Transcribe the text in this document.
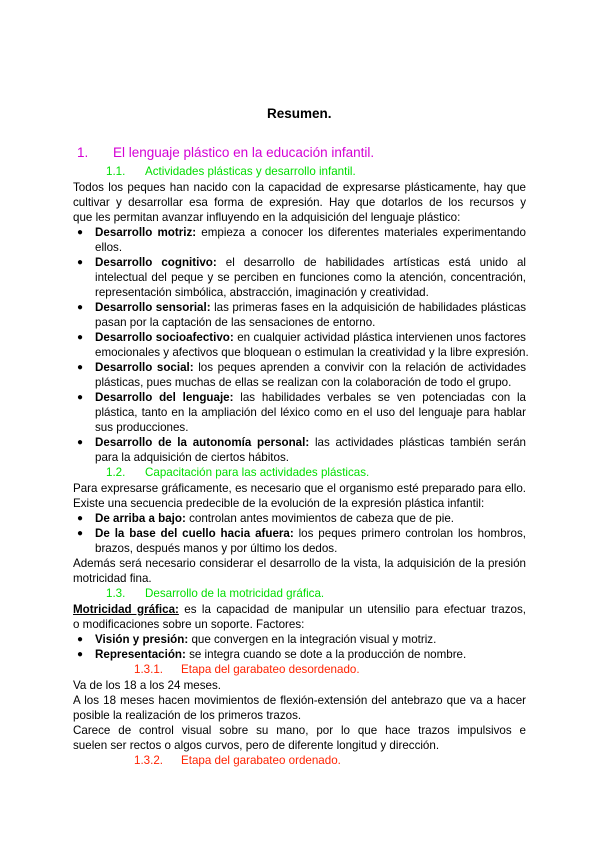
Resumen.
1. El lenguaje plástico en la educación infantil.
1.1. Actividades plásticas y desarrollo infantil.
Todos los peques han nacido con la capacidad de expresarse plásticamente, hay que
cultivar y desarrollar esa forma de expresión. Hay que dotarlos de los recursos y
que les permitan avanzar influyendo en la adquisición del lenguaje plástico:
● Desarrollo motriz: empieza a conocer los diferentes materiales experimentando
ellos.
● Desarrollo cognitivo: el desarrollo de habilidades artísticas está unido al
intelectual del peque y se perciben en funciones como la atención, concentración,
representación simbólica, abstracción, imaginación y creatividad.
● Desarrollo sensorial: las primeras fases en la adquisición de habilidades plásticas
pasan por la captación de las sensaciones de entorno.
● Desarrollo socioafectivo: en cualquier actividad plástica intervienen unos factores
emocionales y afectivos que bloquean o estimulan la creatividad y la libre expresión.
● Desarrollo social: los peques aprenden a convivir con la relación de actividades
plásticas, pues muchas de ellas se realizan con la colaboración de todo el grupo.
● Desarrollo del lenguaje: las habilidades verbales se ven potenciadas con la
plástica, tanto en la ampliación del léxico como en el uso del lenguaje para hablar
sus producciones.
● Desarrollo de la autonomía personal: las actividades plásticas también serán
para la adquisición de ciertos hábitos.
1.2. Capacitación para las actividades plásticas.
Para expresarse gráficamente, es necesario que el organismo esté preparado para ello.
Existe una secuencia predecible de la evolución de la expresión plástica infantil:
● De arriba a bajo: controlan antes movimientos de cabeza que de pie.
● De la base del cuello hacia afuera: los peques primero controlan los hombros,
brazos, después manos y por último los dedos.
Además será necesario considerar el desarrollo de la vista, la adquisición de la presión
motricidad fina.
1.3. Desarrollo de la motricidad gráfica.
Motricidad gráfica: es la capacidad de manipular un utensilio para efectuar trazos,
o modificaciones sobre un soporte. Factores:
● Visión y presión: que convergen en la integración visual y motriz.
● Representación: se integra cuando se dote a la producción de nombre.
1.3.1. Etapa del garabateo desordenado.
Va de los 18 a los 24 meses.
A los 18 meses hacen movimientos de flexión-extensión del antebrazo que va a hacer
posible la realización de los primeros trazos.
Carece de control visual sobre su mano, por lo que hace trazos impulsivos e
suelen ser rectos o algos curvos, pero de diferente longitud y dirección.
1.3.2. Etapa del garabateo ordenado.
